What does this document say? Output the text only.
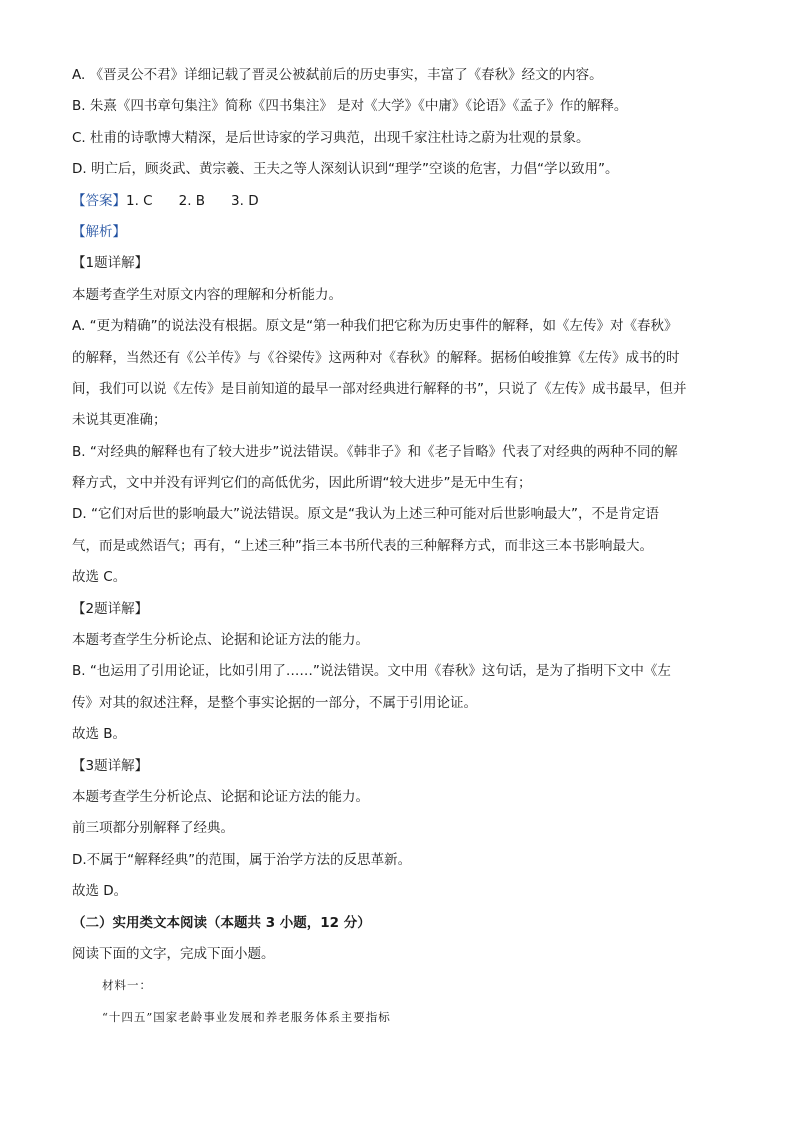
A. 《晋灵公不君》详细记载了晋灵公被弑前后的历史事实，丰富了《春秋》经文的内容。
B. 朱熹《四书章句集注》简称《四书集注》 是对《大学》《中庸》《论语》《孟子》作的解释。
C. 杜甫的诗歌博大精深，是后世诗家的学习典范，出现千家注杜诗之蔚为壮观的景象。
D. 明亡后，顾炎武、黄宗羲、王夫之等人深刻认识到“理学”空谈的危害，力倡“学以致用”。
【答案】1. C 2. B 3. D
【解析】
【1题详解】
本题考查学生对原文内容的理解和分析能力。
A. “更为精确”的说法没有根据。原文是“第一种我们把它称为历史事件的解释，如《左传》对《春秋》
的解释，当然还有《公羊传》与《谷梁传》这两种对《春秋》的解释。据杨伯峻推算《左传》成书的时
间，我们可以说《左传》是目前知道的最早一部对经典进行解释的书”，只说了《左传》成书最早，但并
未说其更准确；
B. “对经典的解释也有了较大进步”说法错误。《韩非子》和《老子旨略》代表了对经典的两种不同的解
释方式，文中并没有评判它们的高低优劣，因此所谓“较大进步”是无中生有；
D. “它们对后世的影响最大”说法错误。原文是“我认为上述三种可能对后世影响最大”，不是肯定语
气，而是或然语气；再有，“上述三种”指三本书所代表的三种解释方式，而非这三本书影响最大。
故选 C。
【2题详解】
本题考查学生分析论点、论据和论证方法的能力。
B. “也运用了引用论证，比如引用了……”说法错误。文中用《春秋》这句话，是为了指明下文中《左
传》对其的叙述注释，是整个事实论据的一部分，不属于引用论证。
故选 B。
【3题详解】
本题考查学生分析论点、论据和论证方法的能力。
前三项都分别解释了经典。
D.不属于“解释经典”的范围，属于治学方法的反思革新。
故选 D。
（二）实用类文本阅读（本题共 3 小题，12 分）
阅读下面的文字，完成下面小题。
材料一：
“十四五”国家老龄事业发展和养老服务体系主要指标
